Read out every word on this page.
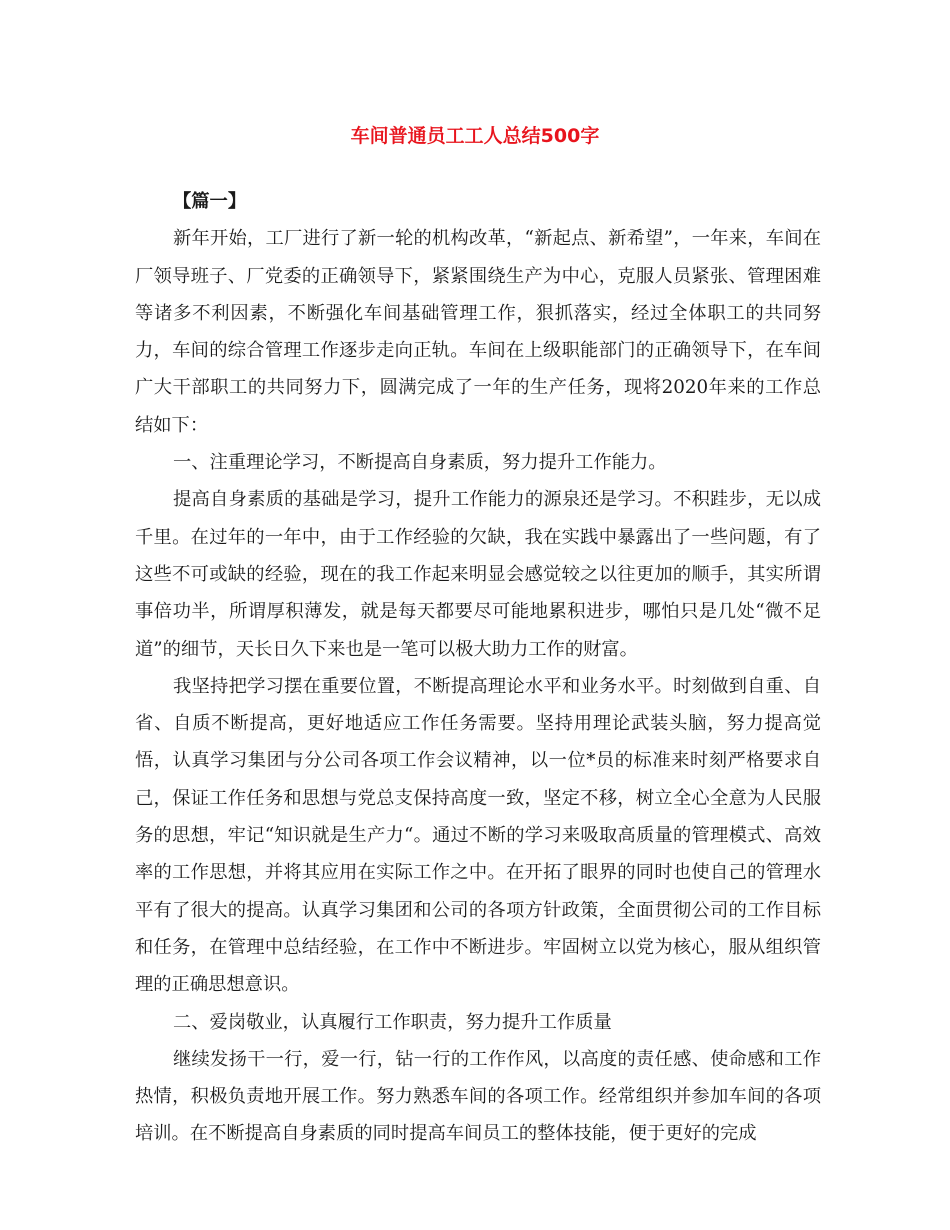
车间普通员工工人总结500字

【篇一】

新年开始，工厂进行了新一轮的机构改革，“新起点、新希望”，一年来，车间在厂领导班子、厂党委的正确领导下，紧紧围绕生产为中心，克服人员紧张、管理困难等诸多不利因素，不断强化车间基础管理工作，狠抓落实，经过全体职工的共同努力，车间的综合管理工作逐步走向正轨。车间在上级职能部门的正确领导下，在车间广大干部职工的共同努力下，圆满完成了一年的生产任务，现将2020年来的工作总结如下：

一、注重理论学习，不断提高自身素质，努力提升工作能力。

提高自身素质的基础是学习，提升工作能力的源泉还是学习。不积跬步，无以成千里。在过年的一年中，由于工作经验的欠缺，我在实践中暴露出了一些问题，有了这些不可或缺的经验，现在的我工作起来明显会感觉较之以往更加的顺手，其实所谓事倍功半，所谓厚积薄发，就是每天都要尽可能地累积进步，哪怕只是几处“微不足道”的细节，天长日久下来也是一笔可以极大助力工作的财富。

我坚持把学习摆在重要位置，不断提高理论水平和业务水平。时刻做到自重、自省、自质不断提高，更好地适应工作任务需要。坚持用理论武装头脑，努力提高觉悟，认真学习集团与分公司各项工作会议精神，以一位*员的标准来时刻严格要求自己，保证工作任务和思想与党总支保持高度一致，坚定不移，树立全心全意为人民服务的思想，牢记“知识就是生产力“。通过不断的学习来吸取高质量的管理模式、高效率的工作思想，并将其应用在实际工作之中。在开拓了眼界的同时也使自己的管理水平有了很大的提高。认真学习集团和公司的各项方针政策，全面贯彻公司的工作目标和任务，在管理中总结经验，在工作中不断进步。牢固树立以党为核心，服从组织管理的正确思想意识。

二、爱岗敬业，认真履行工作职责，努力提升工作质量

继续发扬干一行，爱一行，钻一行的工作作风，以高度的责任感、使命感和工作热情，积极负责地开展工作。努力熟悉车间的各项工作。经常组织并参加车间的各项培训。在不断提高自身素质的同时提高车间员工的整体技能，便于更好的完成
